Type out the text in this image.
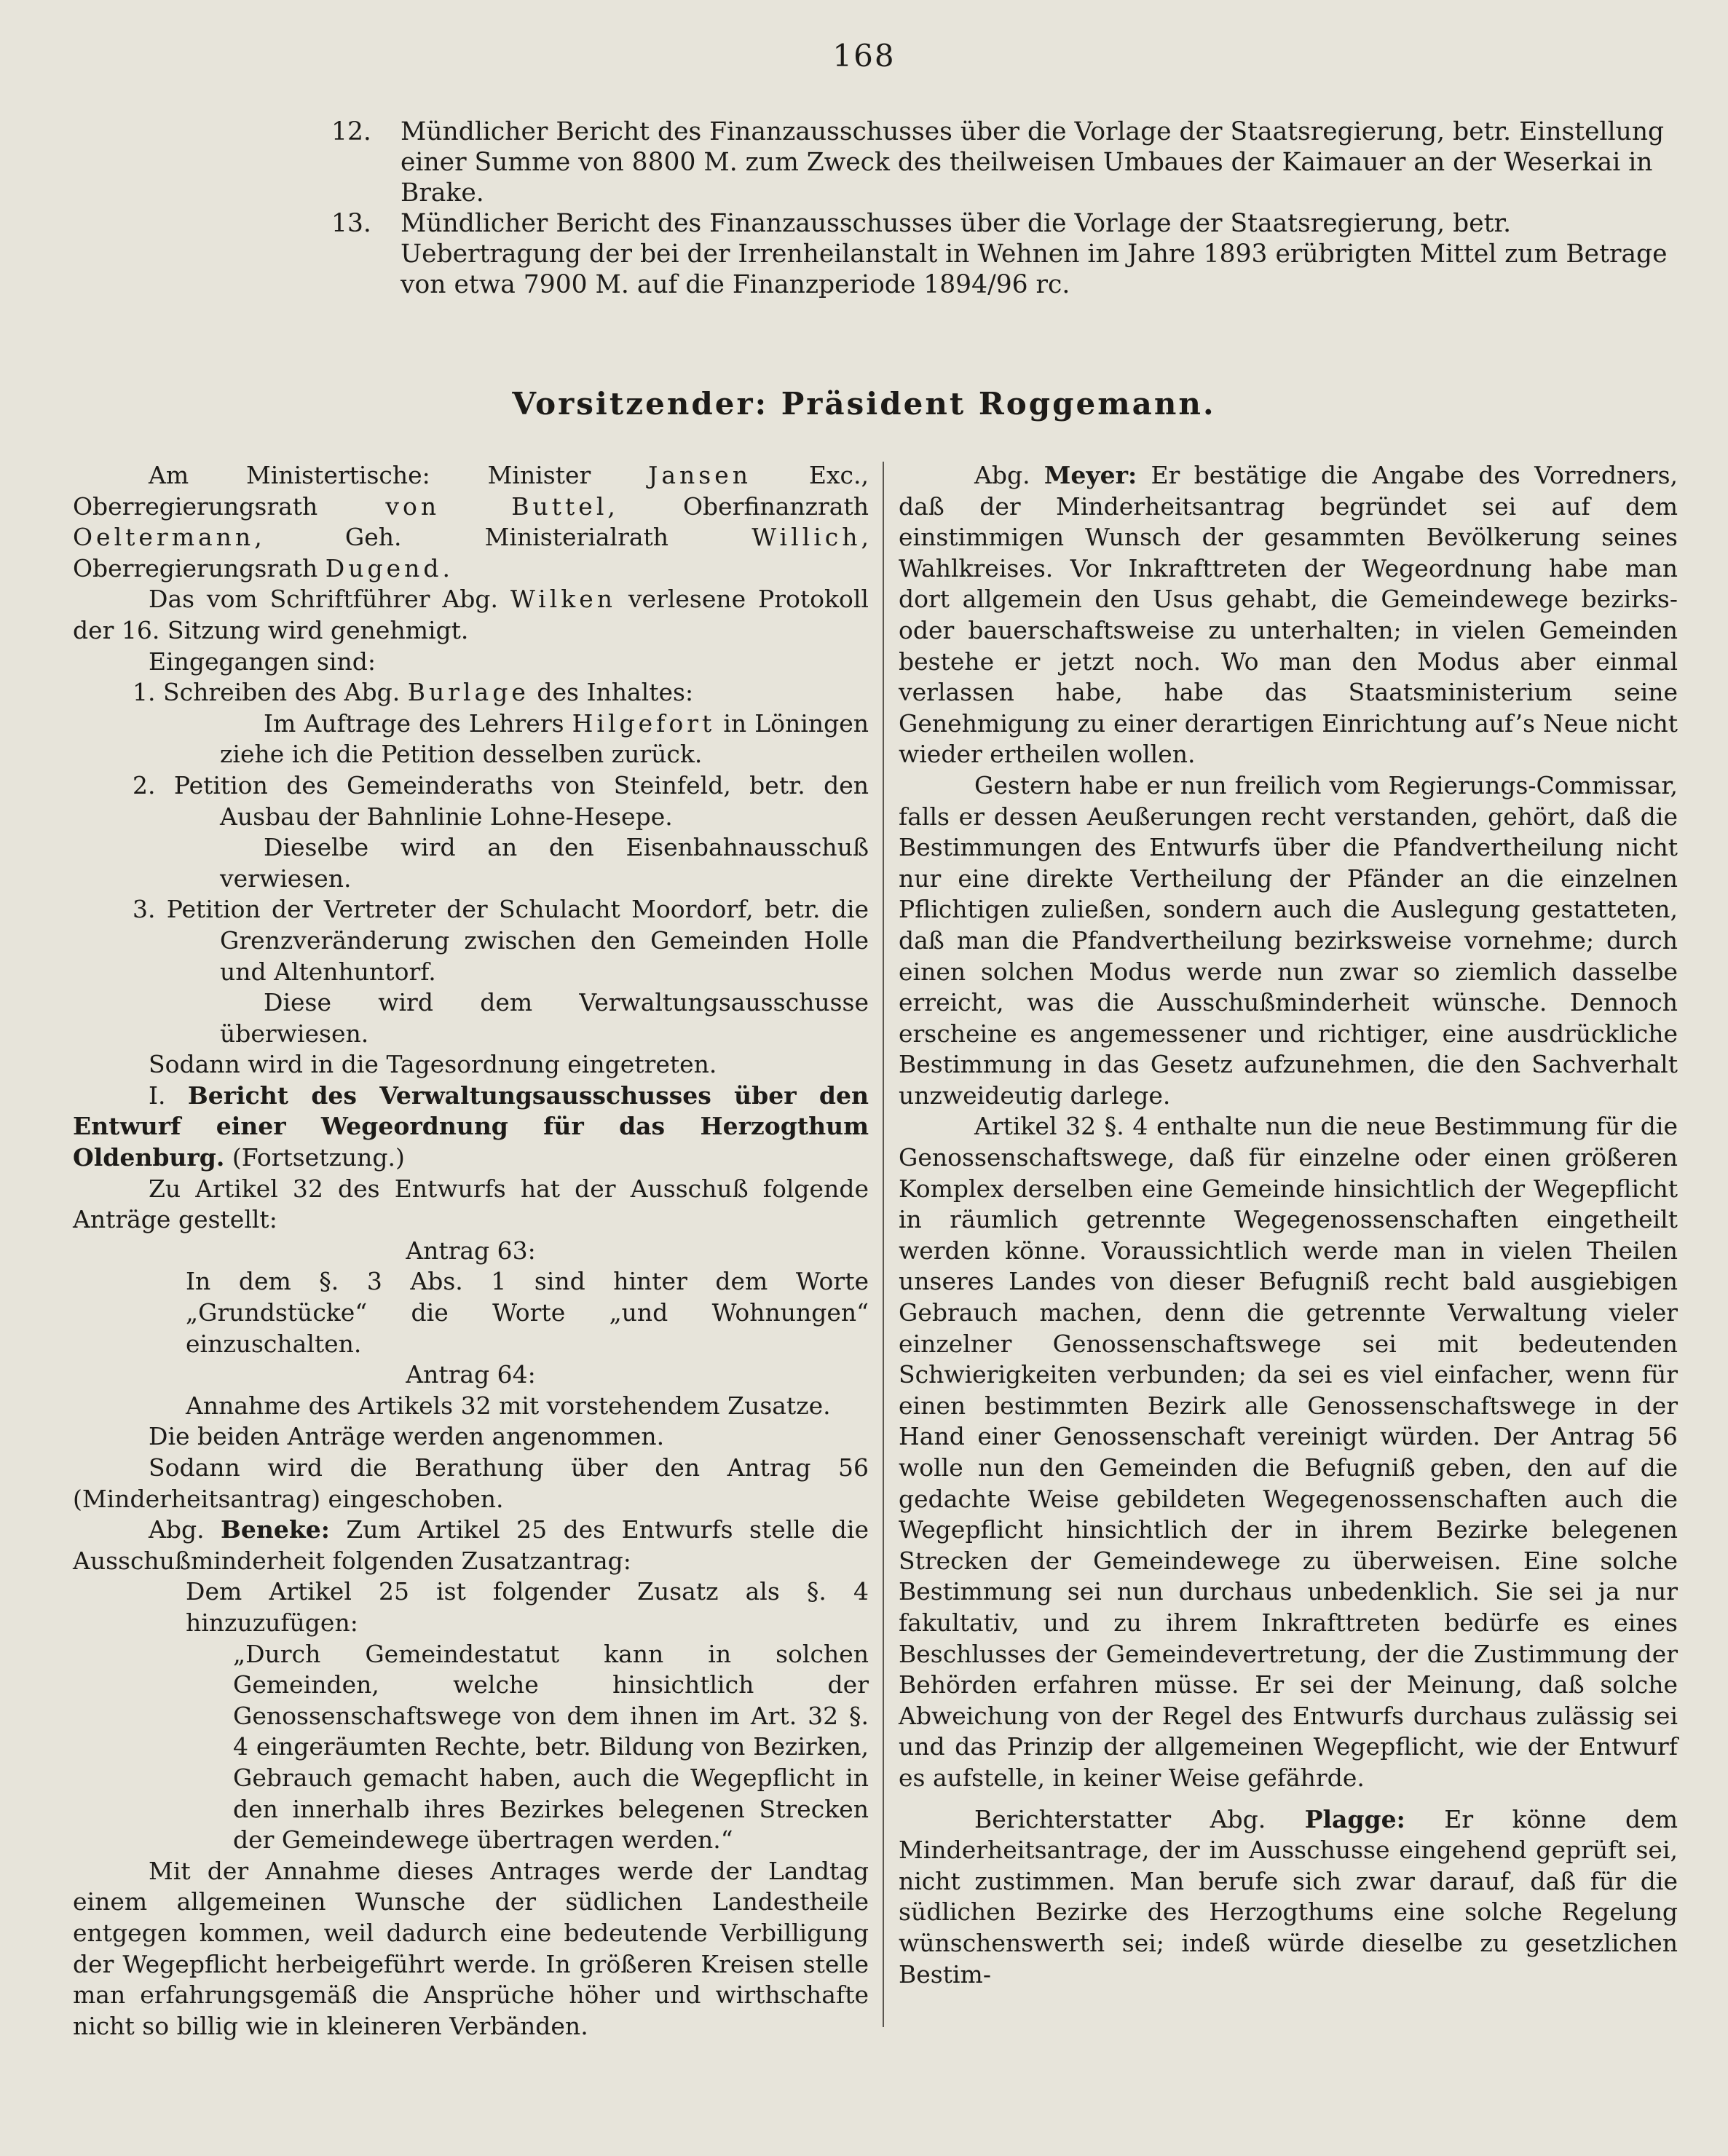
168

12. Mündlicher Bericht des Finanzausschusses über die Vorlage der Staatsregierung, betr. Einstellung einer Summe von 8800 M. zum Zweck des theilweisen Umbaues der Kaimauer an der Weserkai in Brake.

13. Mündlicher Bericht des Finanzausschusses über die Vorlage der Staatsregierung, betr. Uebertragung der bei der Irrenheilanstalt in Wehnen im Jahre 1893 erübrigten Mittel zum Betrage von etwa 7900 M. auf die Finanzperiode 1894/96 rc.

Vorsitzender: Präsident Roggemann.

Am Ministertische: Minister Jansen Exc., Oberregierungsrath von Buttel, Oberfinanzrath Oeltermann, Geh. Ministerialrath Willich, Oberregierungsrath Dugend.

Das vom Schriftführer Abg. Wilken verlesene Protokoll der 16. Sitzung wird genehmigt.

Eingegangen sind:

1. Schreiben des Abg. Burlage des Inhaltes:

Im Auftrage des Lehrers Hilgefort in Löningen ziehe ich die Petition desselben zurück.

2. Petition des Gemeinderaths von Steinfeld, betr. den Ausbau der Bahnlinie Lohne-Hesepe.

Dieselbe wird an den Eisenbahnausschuß verwiesen.

3. Petition der Vertreter der Schulacht Moordorf, betr. die Grenzveränderung zwischen den Gemeinden Holle und Altenhuntorf.

Diese wird dem Verwaltungsausschusse überwiesen.

Sodann wird in die Tagesordnung eingetreten.

I. Bericht des Verwaltungsausschusses über den Entwurf einer Wegeordnung für das Herzogthum Oldenburg. (Fortsetzung.)

Zu Artikel 32 des Entwurfs hat der Ausschuß folgende Anträge gestellt:

Antrag 63:

In dem §. 3 Abs. 1 sind hinter dem Worte „Grundstücke“ die Worte „und Wohnungen“ einzuschalten.

Antrag 64:

Annahme des Artikels 32 mit vorstehendem Zusatze.

Die beiden Anträge werden angenommen.

Sodann wird die Berathung über den Antrag 56 (Minderheitsantrag) eingeschoben.

Abg. Beneke: Zum Artikel 25 des Entwurfs stelle die Ausschußminderheit folgenden Zusatzantrag:

Dem Artikel 25 ist folgender Zusatz als §. 4 hinzuzufügen:

„Durch Gemeindestatut kann in solchen Gemeinden, welche hinsichtlich der Genossenschaftswege von dem ihnen im Art. 32 §. 4 eingeräumten Rechte, betr. Bildung von Bezirken, Gebrauch gemacht haben, auch die Wegepflicht in den innerhalb ihres Bezirkes belegenen Strecken der Gemeindewege übertragen werden.“

Mit der Annahme dieses Antrages werde der Landtag einem allgemeinen Wunsche der südlichen Landestheile entgegen kommen, weil dadurch eine bedeutende Verbilligung der Wegepflicht herbeigeführt werde. In größeren Kreisen stelle man erfahrungsgemäß die Ansprüche höher und wirthschafte nicht so billig wie in kleineren Verbänden.

Abg. Meyer: Er bestätige die Angabe des Vorredners, daß der Minderheitsantrag begründet sei auf dem einstimmigen Wunsch der gesammten Bevölkerung seines Wahlkreises. Vor Inkrafttreten der Wegeordnung habe man dort allgemein den Usus gehabt, die Gemeindewege bezirks- oder bauerschaftsweise zu unterhalten; in vielen Gemeinden bestehe er jetzt noch. Wo man den Modus aber einmal verlassen habe, habe das Staatsministerium seine Genehmigung zu einer derartigen Einrichtung auf’s Neue nicht wieder ertheilen wollen.

Gestern habe er nun freilich vom Regierungs-Commissar, falls er dessen Aeußerungen recht verstanden, gehört, daß die Bestimmungen des Entwurfs über die Pfandvertheilung nicht nur eine direkte Vertheilung der Pfänder an die einzelnen Pflichtigen zuließen, sondern auch die Auslegung gestatteten, daß man die Pfandvertheilung bezirksweise vornehme; durch einen solchen Modus werde nun zwar so ziemlich dasselbe erreicht, was die Ausschußminderheit wünsche. Dennoch erscheine es angemessener und richtiger, eine ausdrückliche Bestimmung in das Gesetz aufzunehmen, die den Sachverhalt unzweideutig darlege.

Artikel 32 §. 4 enthalte nun die neue Bestimmung für die Genossenschaftswege, daß für einzelne oder einen größeren Komplex derselben eine Gemeinde hinsichtlich der Wegepflicht in räumlich getrennte Wegegenossenschaften eingetheilt werden könne. Voraussichtlich werde man in vielen Theilen unseres Landes von dieser Befugniß recht bald ausgiebigen Gebrauch machen, denn die getrennte Verwaltung vieler einzelner Genossenschaftswege sei mit bedeutenden Schwierigkeiten verbunden; da sei es viel einfacher, wenn für einen bestimmten Bezirk alle Genossenschaftswege in der Hand einer Genossenschaft vereinigt würden. Der Antrag 56 wolle nun den Gemeinden die Befugniß geben, den auf die gedachte Weise gebildeten Wegegenossenschaften auch die Wegepflicht hinsichtlich der in ihrem Bezirke belegenen Strecken der Gemeindewege zu überweisen. Eine solche Bestimmung sei nun durchaus unbedenklich. Sie sei ja nur fakultativ, und zu ihrem Inkrafttreten bedürfe es eines Beschlusses der Gemeindevertretung, der die Zustimmung der Behörden erfahren müsse. Er sei der Meinung, daß solche Abweichung von der Regel des Entwurfs durchaus zulässig sei und das Prinzip der allgemeinen Wegepflicht, wie der Entwurf es aufstelle, in keiner Weise gefährde.

Berichterstatter Abg. Plagge: Er könne dem Minderheitsantrage, der im Ausschusse eingehend geprüft sei, nicht zustimmen. Man berufe sich zwar darauf, daß für die südlichen Bezirke des Herzogthums eine solche Regelung wünschenswerth sei; indeß würde dieselbe zu gesetzlichen Bestim-
